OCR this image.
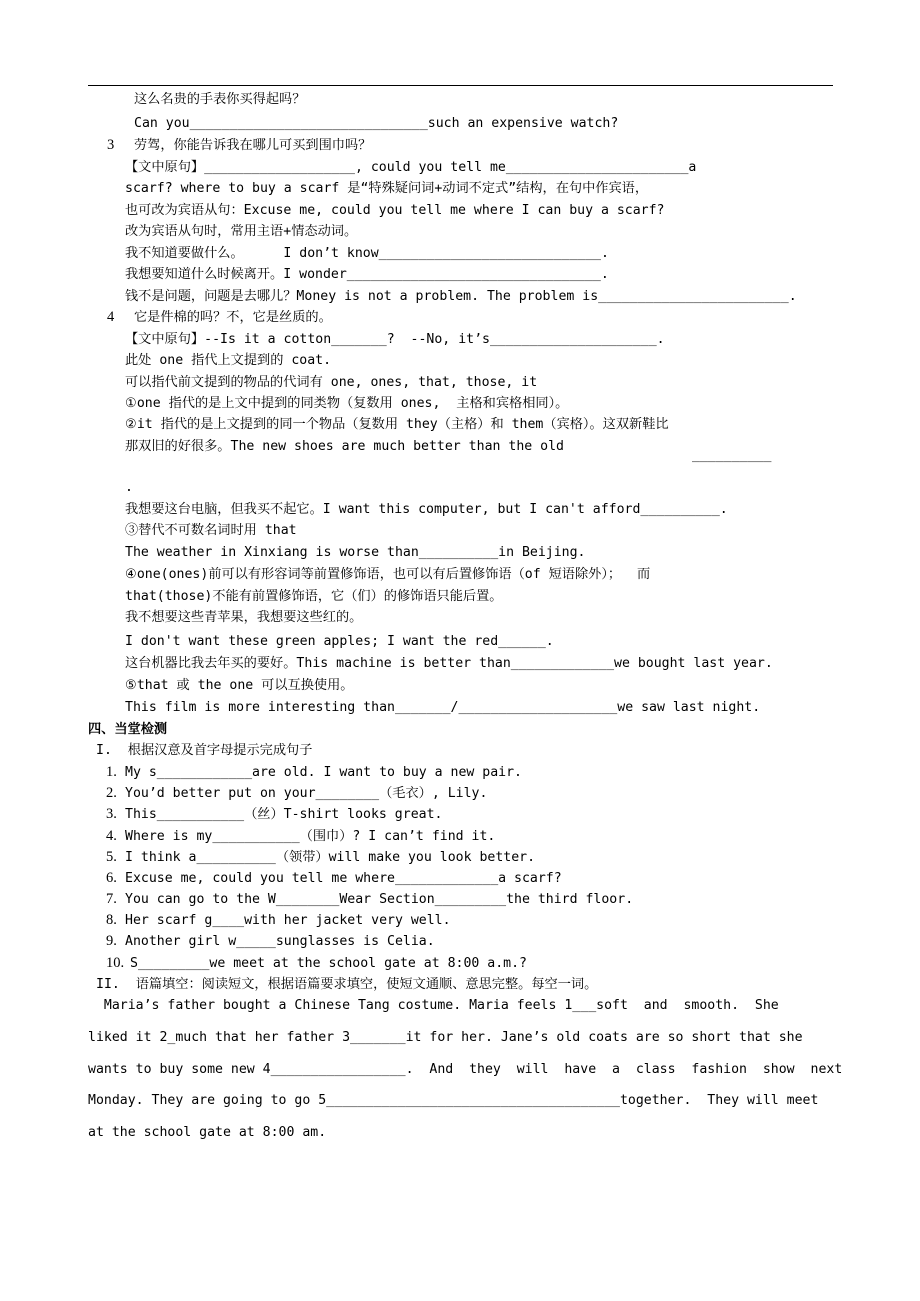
这么名贵的手表你买得起吗？
Can you______________________________such an expensive watch?
3 劳驾，你能告诉我在哪儿可买到围巾吗？
【文中原句】___________________, could you tell me_______________________a
scarf? where to buy a scarf 是“特殊疑问词+动词不定式”结构，在句中作宾语，
也可改为宾语从句：Excuse me, could you tell me where I can buy a scarf?
改为宾语从句时，常用主语+情态动词。
我不知道要做什么。     I don’t know____________________________.
我想要知道什么时候离开。I wonder________________________________.
钱不是问题，问题是去哪儿？Money is not a problem. The problem is________________________.
4 它是件棉的吗？不，它是丝质的。
【文中原句】--Is it a cotton_______?  --No, it’s_____________________.
此处 one 指代上文提到的 coat.
可以指代前文提到的物品的代词有 one, ones, that, those, it
①one 指代的是上文中提到的同类物（复数用 ones,  主格和宾格相同）。
②it 指代的是上文提到的同一个物品（复数用 they（主格）和 them（宾格）。这双新鞋比
那双旧的好很多。The new shoes are much better than the old
__________
.
我想要这台电脑，但我买不起它。I want this computer, but I can't afford__________.
③替代不可数名词时用 that
The weather in Xinxiang is worse than__________in Beijing.
④one(ones)前可以有形容词等前置修饰语，也可以有后置修饰语（of 短语除外）；  而
that(those)不能有前置修饰语，它（们）的修饰语只能后置。
我不想要这些青苹果，我想要这些红的。
I don't want these green apples; I want the red______.
这台机器比我去年买的要好。This machine is better than_____________we bought last year.
⑤that 或 the one 可以互换使用。
This film is more interesting than_______/____________________we saw last night.
四、当堂检测
I.  根据汉意及首字母提示完成句子
1. My s____________are old. I want to buy a new pair.
2. You’d better put on your________（毛衣）, Lily.
3. This___________（丝）T-shirt looks great.
4. Where is my___________（围巾）? I can’t find it.
5. I think a__________（领带）will make you look better.
6. Excuse me, could you tell me where_____________a scarf?
7. You can go to the W________Wear Section_________the third floor.
8. Her scarf g____with her jacket very well.
9. Another girl w_____sunglasses is Celia.
10. S_________we meet at the school gate at 8:00 a.m.?
II.  语篇填空：阅读短文，根据语篇要求填空，使短文通顺、意思完整。每空一词。
Maria’s father bought a Chinese Tang costume. Maria feels 1___soft  and  smooth.  She
liked it 2_much that her father 3_______it for her. Jane’s old coats are so short that she
wants to buy some new 4_________________.  And  they  will  have  a  class  fashion  show  next
Monday. They are going to go 5_____________________________________together.  They will meet
at the school gate at 8:00 am.
